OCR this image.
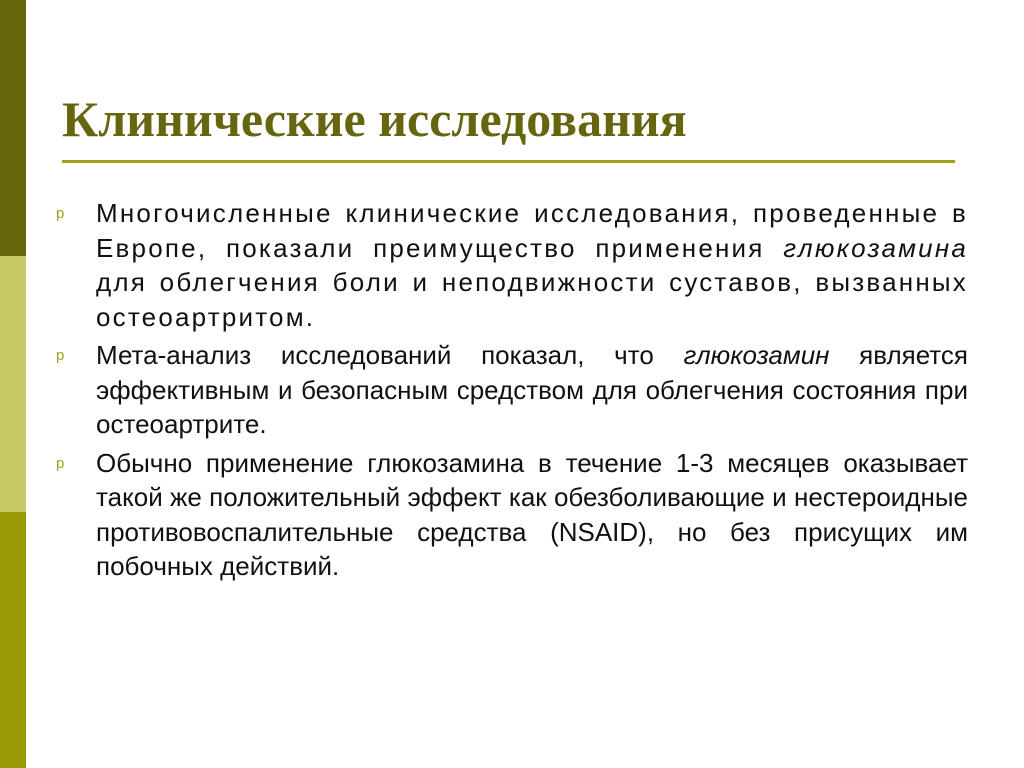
Клинические исследования
p Многочисленные клинические исследования, проведенные в Европе, показали преимущество применения глюкозамина для облегчения боли и неподвижности суставов, вызванных остеоартритом.
p Мета-анализ исследований показал, что глюкозамин является эффективным и безопасным средством для облегчения состояния при остеоартрите.
p Обычно применение глюкозамина в течение 1-3 месяцев оказывает такой же положительный эффект как обезболивающие и нестероидные противовоспалительные средства (NSAID), но без присущих им побочных действий.
